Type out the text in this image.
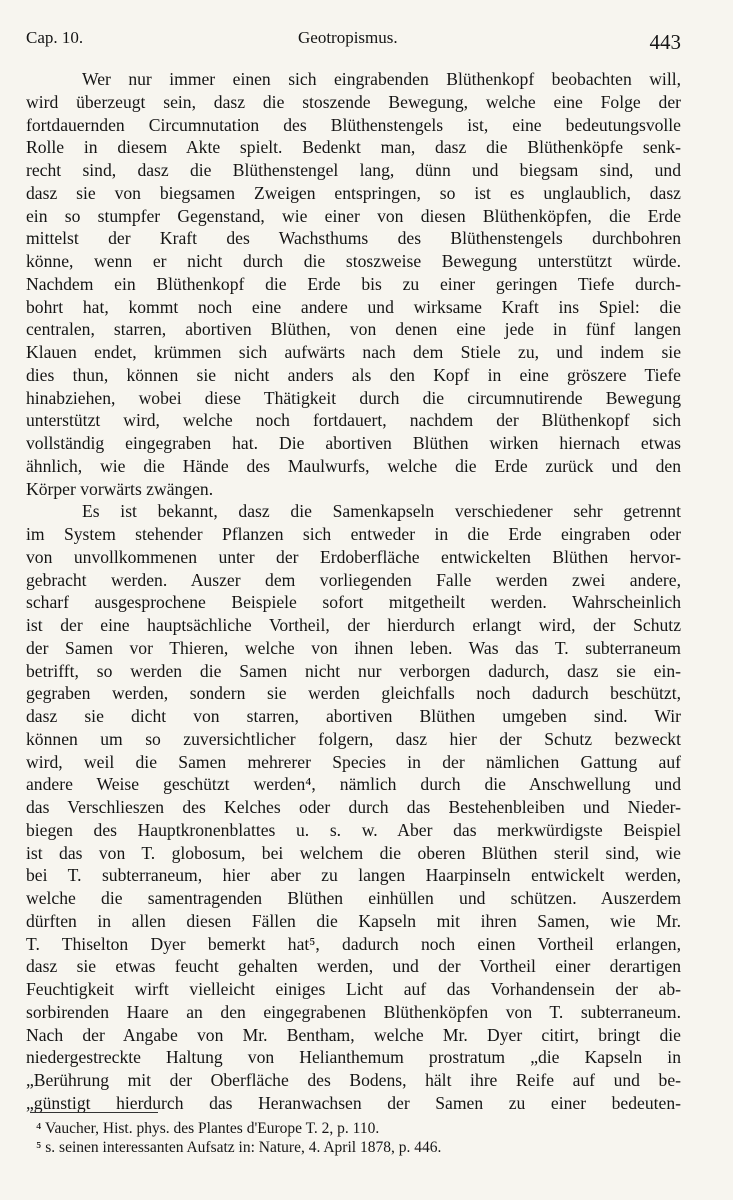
Cap. 10.	Geotropismus.	443
Wer nur immer einen sich eingrabenden Blüthenkopf beobachten will,
wird überzeugt sein, dasz die stoszende Bewegung, welche eine Folge der
fortdauernden Circumnutation des Blüthenstengels ist, eine bedeutungsvolle
Rolle in diesem Akte spielt. Bedenkt man, dasz die Blüthenköpfe senk-
recht sind, dasz die Blüthenstengel lang, dünn und biegsam sind, und
dasz sie von biegsamen Zweigen entspringen, so ist es unglaublich, dasz
ein so stumpfer Gegenstand, wie einer von diesen Blüthenköpfen, die Erde
mittelst der Kraft des Wachsthums des Blüthenstengels durchbohren
könne, wenn er nicht durch die stoszweise Bewegung unterstützt würde.
Nachdem ein Blüthenkopf die Erde bis zu einer geringen Tiefe durch-
bohrt hat, kommt noch eine andere und wirksame Kraft ins Spiel: die
centralen, starren, abortiven Blüthen, von denen eine jede in fünf langen
Klauen endet, krümmen sich aufwärts nach dem Stiele zu, und indem sie
dies thun, können sie nicht anders als den Kopf in eine gröszere Tiefe
hinabziehen, wobei diese Thätigkeit durch die circumnutirende Bewegung
unterstützt wird, welche noch fortdauert, nachdem der Blüthenkopf sich
vollständig eingegraben hat. Die abortiven Blüthen wirken hiernach etwas
ähnlich, wie die Hände des Maulwurfs, welche die Erde zurück und den
Körper vorwärts zwängen.
Es ist bekannt, dasz die Samenkapseln verschiedener sehr getrennt
im System stehender Pflanzen sich entweder in die Erde eingraben oder
von unvollkommenen unter der Erdoberfläche entwickelten Blüthen hervor-
gebracht werden. Auszer dem vorliegenden Falle werden zwei andere,
scharf ausgesprochene Beispiele sofort mitgetheilt werden. Wahrscheinlich
ist der eine hauptsächliche Vortheil, der hierdurch erlangt wird, der Schutz
der Samen vor Thieren, welche von ihnen leben. Was das T. subterraneum
betrifft, so werden die Samen nicht nur verborgen dadurch, dasz sie ein-
gegraben werden, sondern sie werden gleichfalls noch dadurch beschützt,
dasz sie dicht von starren, abortiven Blüthen umgeben sind. Wir
können um so zuversichtlicher folgern, dasz hier der Schutz bezweckt
wird, weil die Samen mehrerer Species in der nämlichen Gattung auf
andere Weise geschützt werden⁴, nämlich durch die Anschwellung und
das Verschlieszen des Kelches oder durch das Bestehenbleiben und Nieder-
biegen des Hauptkronenblattes u. s. w. Aber das merkwürdigste Beispiel
ist das von T. globosum, bei welchem die oberen Blüthen steril sind, wie
bei T. subterraneum, hier aber zu langen Haarpinseln entwickelt werden,
welche die samentragenden Blüthen einhüllen und schützen. Auszerdem
dürften in allen diesen Fällen die Kapseln mit ihren Samen, wie Mr.
T. Thiselton Dyer bemerkt hat⁵, dadurch noch einen Vortheil erlangen,
dasz sie etwas feucht gehalten werden, und der Vortheil einer derartigen
Feuchtigkeit wirft vielleicht einiges Licht auf das Vorhandensein der ab-
sorbirenden Haare an den eingegrabenen Blüthenköpfen von T. subterraneum.
Nach der Angabe von Mr. Bentham, welche Mr. Dyer citirt, bringt die
niedergestreckte Haltung von Helianthemum prostratum „die Kapseln in
„Berührung mit der Oberfläche des Bodens, hält ihre Reife auf und be-
„günstigt hierdurch das Heranwachsen der Samen zu einer bedeuten-
⁴ Vaucher, Hist. phys. des Plantes d'Europe T. 2, p. 110.
⁵ s. seinen interessanten Aufsatz in: Nature, 4. April 1878, p. 446.
